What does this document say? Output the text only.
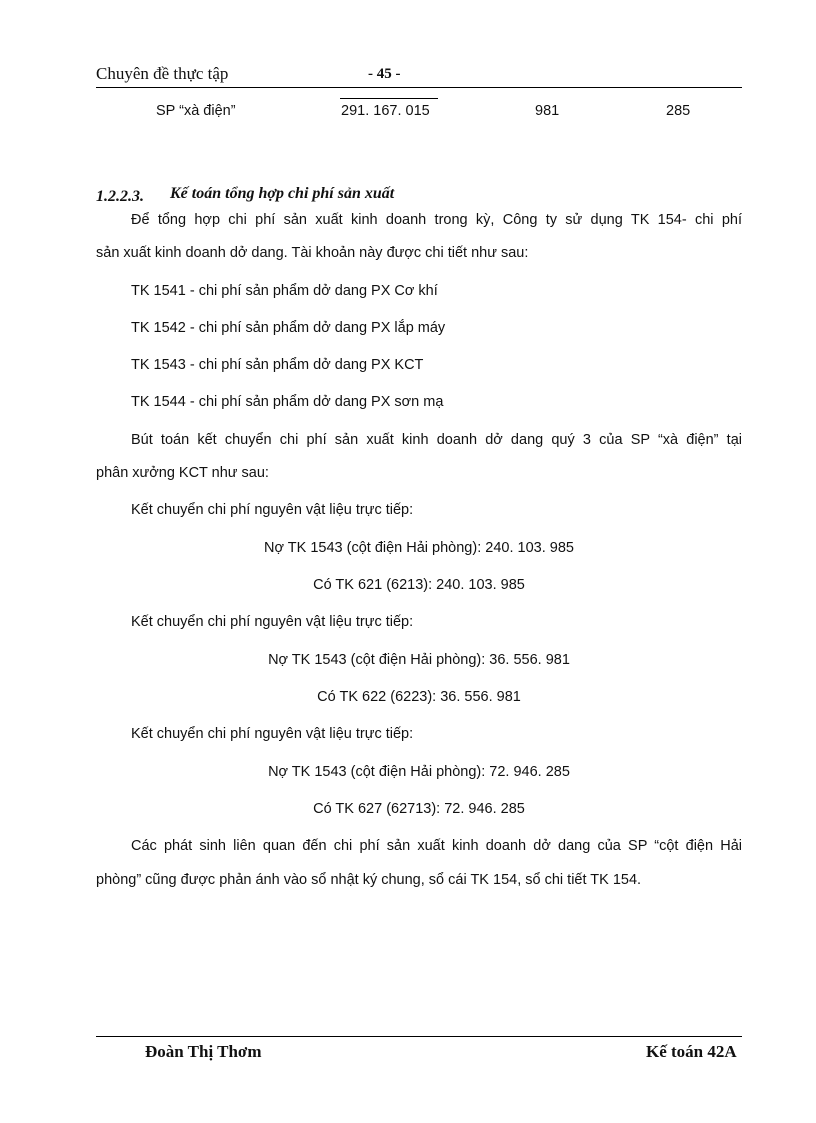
Chuyên đề thực tập	- 45 -
SP “xà điện”	291. 167. 015	981	285
1.2.2.3. Kế toán tổng hợp chi phí sản xuất
Để tổng hợp chi phí sản xuất kinh doanh trong kỳ, Công ty sử dụng TK 154- chi phí
sản xuất kinh doanh dở dang. Tài khoản này được chi tiết như sau:
TK 1541 - chi phí sản phẩm dở dang PX Cơ khí
TK 1542 - chi phí sản phẩm dở dang PX lắp máy
TK 1543 - chi phí sản phẩm dở dang PX KCT
TK 1544 - chi phí sản phẩm dở dang PX sơn mạ
Bút toán kết chuyển chi phí sản xuất kinh doanh dở dang quý 3 của SP “xà điện” tại
phân xưởng KCT như sau:
Kết chuyển chi phí nguyên vật liệu trực tiếp:
Nợ TK 1543 (cột điện Hải phòng): 240. 103. 985
Có TK 621 (6213): 240. 103. 985
Kết chuyển chi phí nguyên vật liệu trực tiếp:
Nợ TK 1543 (cột điện Hải phòng): 36. 556. 981
Có TK 622 (6223): 36. 556. 981
Kết chuyển chi phí nguyên vật liệu trực tiếp:
Nợ TK 1543 (cột điện Hải phòng): 72. 946. 285
Có TK 627 (62713): 72. 946. 285
Các phát sinh liên quan đến chi phí sản xuất kinh doanh dở dang của SP “cột điện Hải
phòng” cũng được phản ánh vào sổ nhật ký chung, sổ cái TK 154, sổ chi tiết TK 154.
Đoàn Thị Thơm	Kế toán 42A
